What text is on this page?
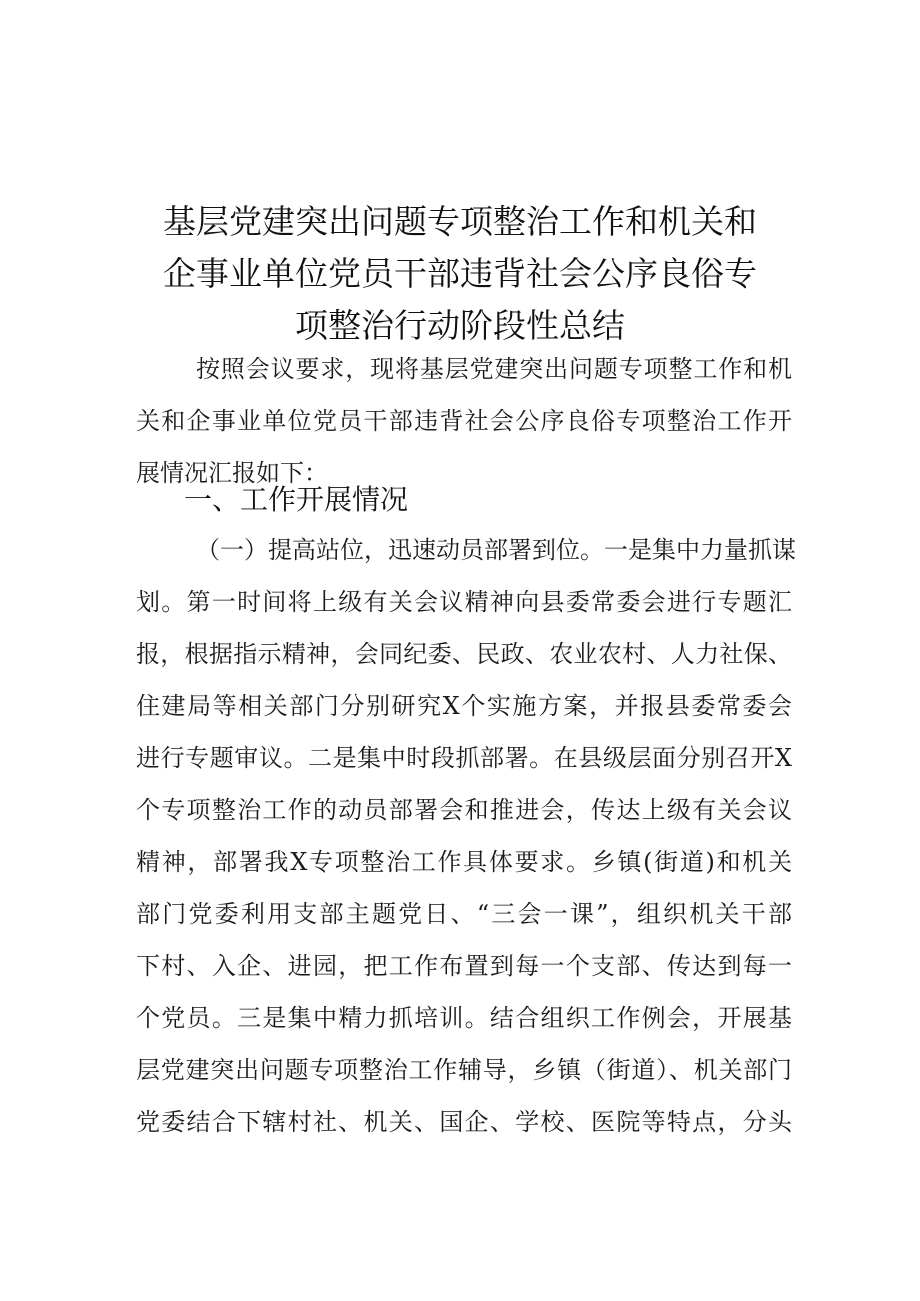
基层党建突出问题专项整治工作和机关和
企事业单位党员干部违背社会公序良俗专
项整治行动阶段性总结

按照会议要求，现将基层党建突出问题专项整工作和机
关和企事业单位党员干部违背社会公序良俗专项整治工作开
展情况汇报如下：

一、工作开展情况

（一）提高站位，迅速动员部署到位。一是集中力量抓谋
划。第一时间将上级有关会议精神向县委常委会进行专题汇
报，根据指示精神，会同纪委、民政、农业农村、人力社保、
住建局等相关部门分别研究X个实施方案，并报县委常委会
进行专题审议。二是集中时段抓部署。在县级层面分别召开X
个专项整治工作的动员部署会和推进会，传达上级有关会议
精神，部署我X专项整治工作具体要求。乡镇(街道)和机关
部门党委利用支部主题党日、“三会一课”，组织机关干部
下村、入企、进园，把工作布置到每一个支部、传达到每一
个党员。三是集中精力抓培训。结合组织工作例会，开展基
层党建突出问题专项整治工作辅导，乡镇（街道）、机关部门
党委结合下辖村社、机关、国企、学校、医院等特点，分头
